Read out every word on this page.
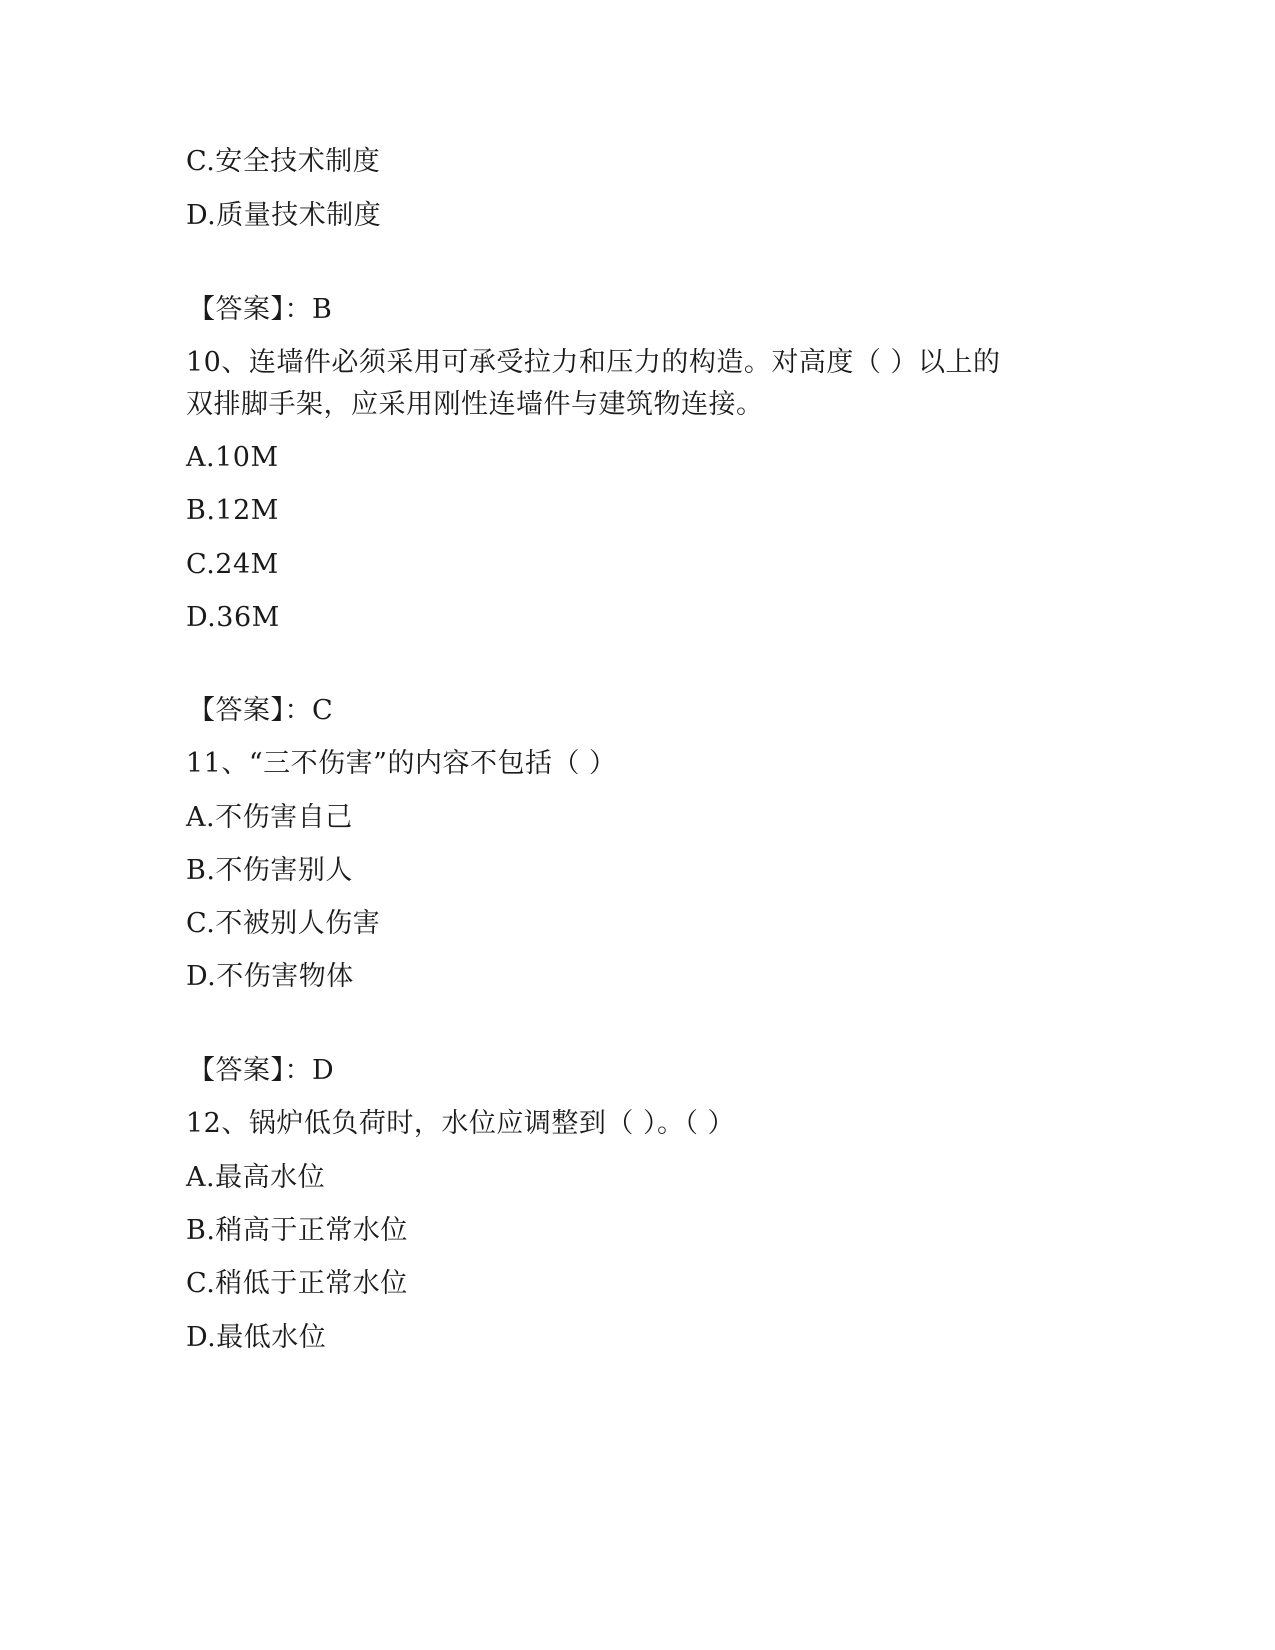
C.安全技术制度
D.质量技术制度
【答案】：B
10、连墙件必须采用可承受拉力和压力的构造。对高度（ ）以上的
双排脚手架，应采用刚性连墙件与建筑物连接。
A.10M
B.12M
C.24M
D.36M
【答案】：C
11、“三不伤害”的内容不包括（ ）
A.不伤害自己
B.不伤害别人
C.不被别人伤害
D.不伤害物体
【答案】：D
12、锅炉低负荷时，水位应调整到（ ）。（ ）
A.最高水位
B.稍高于正常水位
C.稍低于正常水位
D.最低水位
